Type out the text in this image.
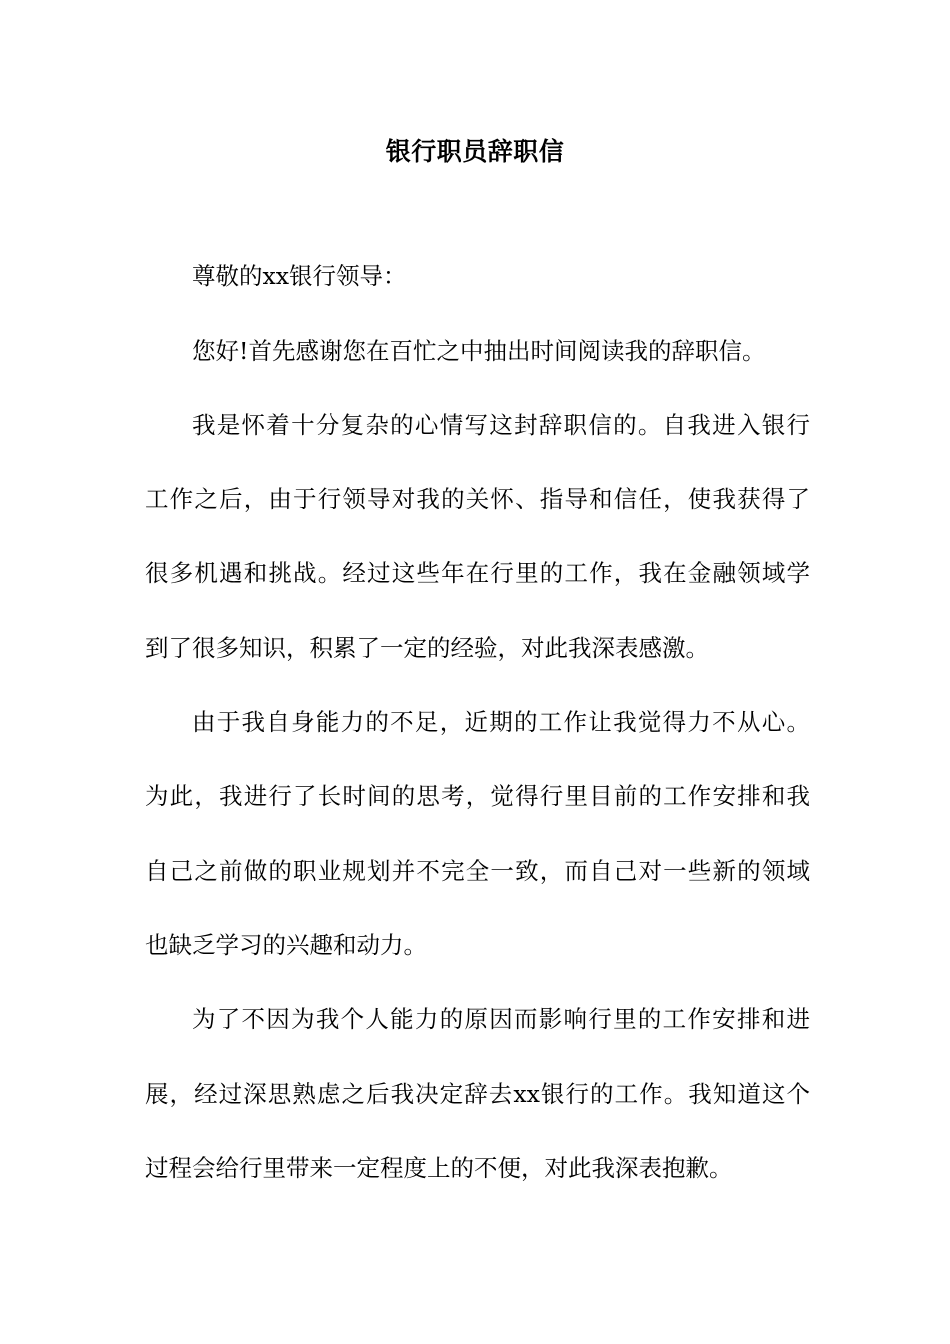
银行职员辞职信

尊敬的xx银行领导：

您好!首先感谢您在百忙之中抽出时间阅读我的辞职信。

我是怀着十分复杂的心情写这封辞职信的。自我进入银行

工作之后，由于行领导对我的关怀、指导和信任，使我获得了

很多机遇和挑战。经过这些年在行里的工作，我在金融领域学

到了很多知识，积累了一定的经验，对此我深表感激。

由于我自身能力的不足，近期的工作让我觉得力不从心。

为此，我进行了长时间的思考，觉得行里目前的工作安排和我

自己之前做的职业规划并不完全一致，而自己对一些新的领域

也缺乏学习的兴趣和动力。

为了不因为我个人能力的原因而影响行里的工作安排和进

展，经过深思熟虑之后我决定辞去xx银行的工作。我知道这个

过程会给行里带来一定程度上的不便，对此我深表抱歉。
